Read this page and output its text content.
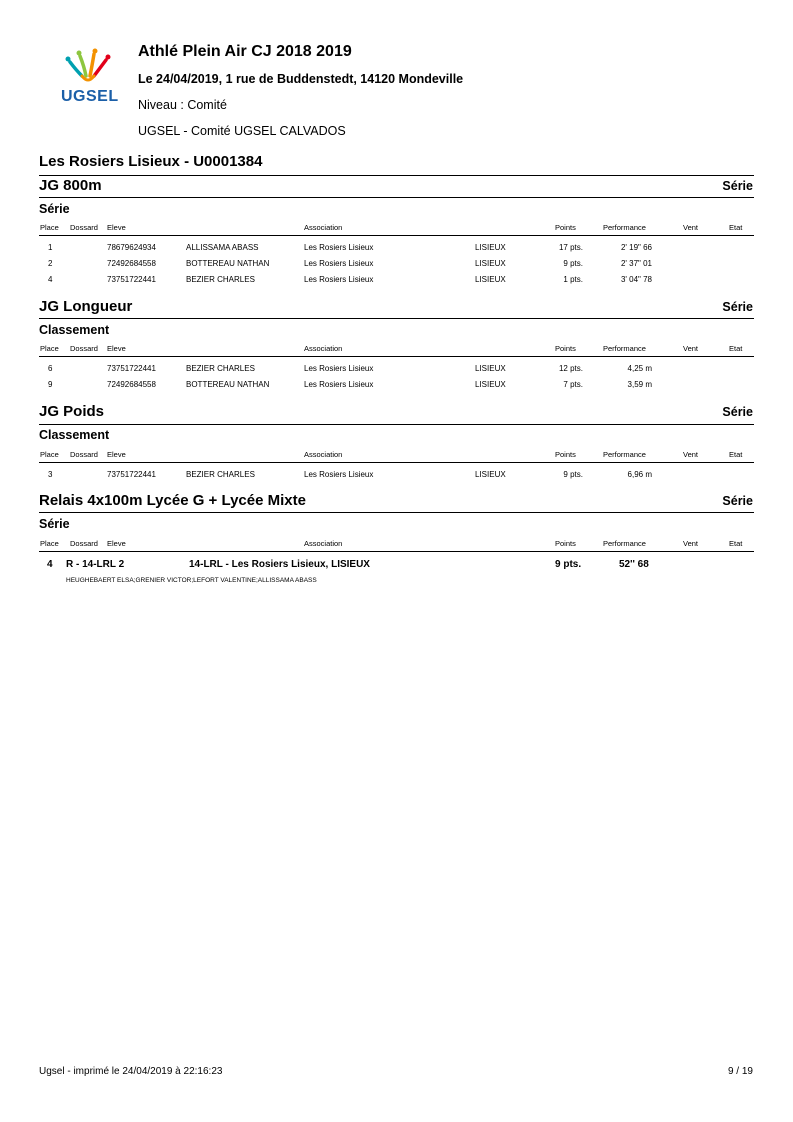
UGSEL
Athlé Plein Air CJ 2018 2019
Le 24/04/2019, 1 rue de Buddenstedt, 14120 Mondeville
Niveau : Comité
UGSEL - Comité UGSEL CALVADOS
Les Rosiers Lisieux - U0001384
JG 800m	Série
Série
Place Dossard Eleve	Association	Points	Performance	Vent	Etat
1	78679624934	ALLISSAMA ABASS	Les Rosiers Lisieux	LISIEUX	17 pts.	2' 19" 66
2	72492684558	BOTTEREAU NATHAN	Les Rosiers Lisieux	LISIEUX	9 pts.	2' 37" 01
4	73751722441	BEZIER CHARLES	Les Rosiers Lisieux	LISIEUX	1 pts.	3' 04" 78
JG Longueur	Série
Classement
Place Dossard Eleve	Association	Points	Performance	Vent	Etat
6	73751722441	BEZIER CHARLES	Les Rosiers Lisieux	LISIEUX	12 pts.	4,25 m
9	72492684558	BOTTEREAU NATHAN	Les Rosiers Lisieux	LISIEUX	7 pts.	3,59 m
JG Poids	Série
Classement
Place Dossard Eleve	Association	Points	Performance	Vent	Etat
3	73751722441	BEZIER CHARLES	Les Rosiers Lisieux	LISIEUX	9 pts.	6,96 m
Relais 4x100m Lycée G + Lycée Mixte	Série
Série
Place Dossard Eleve	Association	Points	Performance	Vent	Etat
4 R - 14-LRL 2	14-LRL - Les Rosiers Lisieux, LISIEUX	9 pts.	52'' 68
HEUGHEBAERT ELSA;GRENIER VICTOR;LEFORT VALENTINE;ALLISSAMA ABASS
Ugsel - imprimé le 24/04/2019 à 22:16:23	9 / 19
